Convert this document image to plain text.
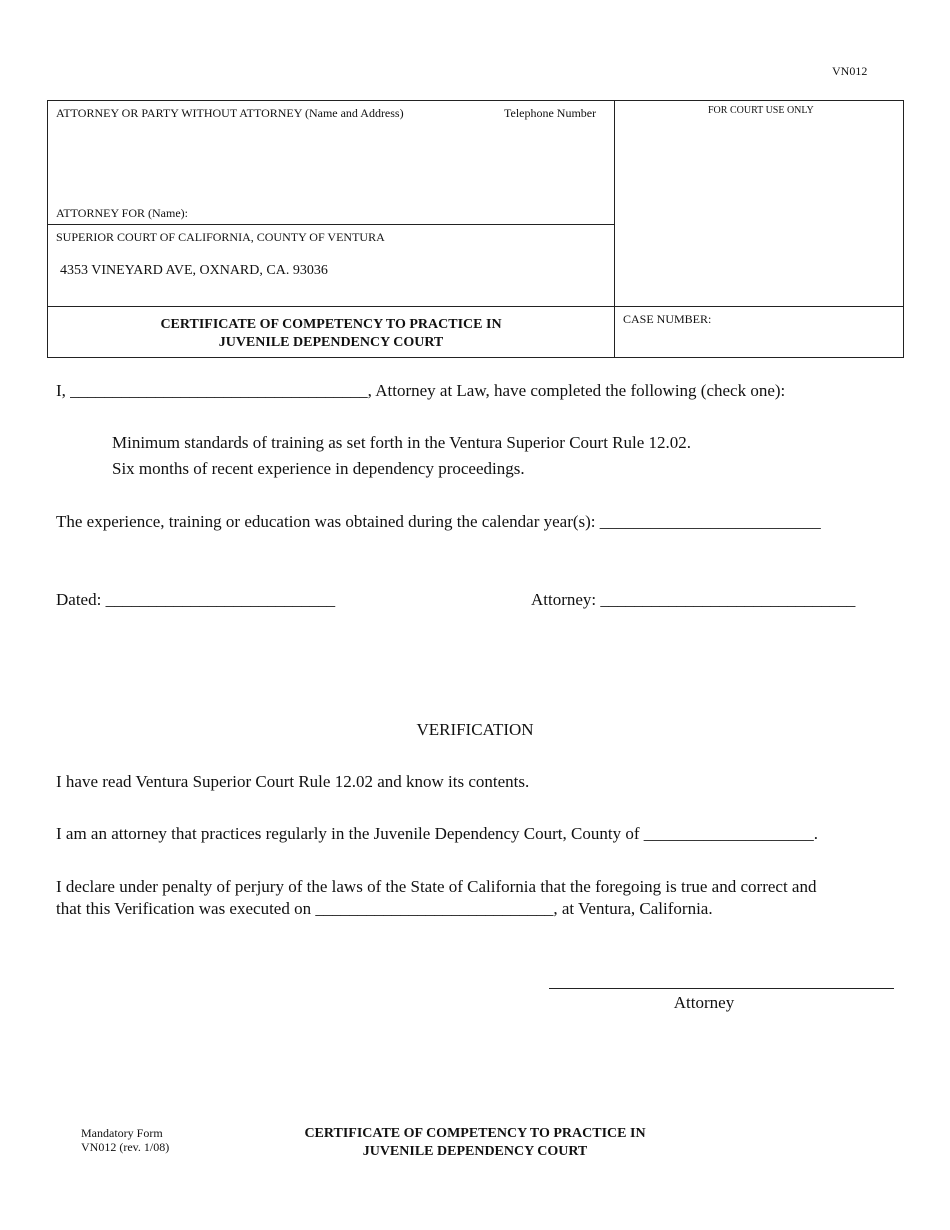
VN012
ATTORNEY OR PARTY WITHOUT ATTORNEY (Name and Address)	Telephone Number	FOR COURT USE ONLY
ATTORNEY FOR (Name):
SUPERIOR COURT OF CALIFORNIA, COUNTY OF VENTURA
4353 VINEYARD AVE, OXNARD, CA. 93036
CERTIFICATE OF COMPETENCY TO PRACTICE IN
JUVENILE DEPENDENCY COURT
CASE NUMBER:
I, ___________________________________, Attorney at Law, have completed the following (check one):
Minimum standards of training as set forth in the Ventura Superior Court Rule 12.02.
Six months of recent experience in dependency proceedings.
The experience, training or education was obtained during the calendar year(s): __________________________
Dated: ___________________________	Attorney: ______________________________
VERIFICATION
I have read Ventura Superior Court Rule 12.02 and know its contents.
I am an attorney that practices regularly in the Juvenile Dependency Court, County of ____________________.
I declare under penalty of perjury of the laws of the State of California that the foregoing is true and correct and
that this Verification was executed on ____________________________, at Ventura, California.
Attorney
Mandatory Form
VN012 (rev. 1/08)
CERTIFICATE OF COMPETENCY TO PRACTICE IN
JUVENILE DEPENDENCY COURT
